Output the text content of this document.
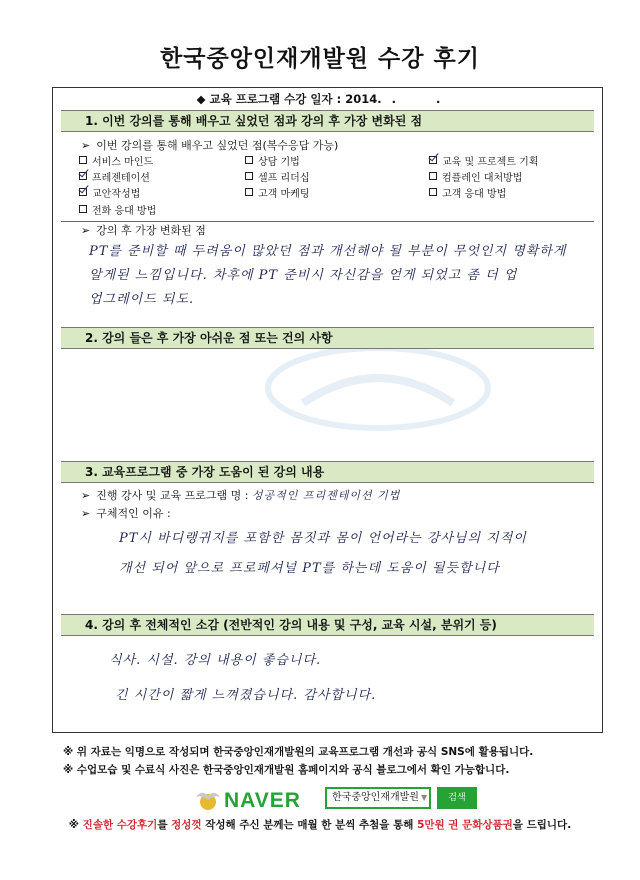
한국중앙인재개발원 수강 후기
◆ 교육 프로그램 수강 일자 : 2014. . .
1. 이번 강의를 통해 배우고 싶었던 점과 강의 후 가장 변화된 점
➢ 이번 강의를 통해 배우고 싶었던 점(복수응답 가능)
서비스 마인드	상담 기법	교육 및 프로젝트 기획
프레젠테이션	셀프 리더십	컴플레인 대처방법
교안작성법	고객 마케팅	고객 응대 방법
전화 응대 방법
➢ 강의 후 가장 변화된 점
PT를 준비할 때 두려움이 많았던 점과 개선해야 될 부분이 무엇인지 명확하게
알게된 느낌입니다. 차후에 PT 준비시 자신감을 얻게 되었고 좀 더 업
업그레이드 되도.
2. 강의 들은 후 가장 아쉬운 점 또는 건의 사항
3. 교육프로그램 중 가장 도움이 된 강의 내용
➢ 진행 강사 및 교육 프로그램 명 : 성공적인 프리젠테이션 기법
➢ 구체적인 이유 :
PT시 바디랭귀지를 포함한 몸짓과 몸이 언어라는 강사님의 지적이
개선 되어 앞으로 프로페셔널 PT를 하는데 도움이 될듯합니다
4. 강의 후 전체적인 소감 (전반적인 강의 내용 및 구성, 교육 시설, 분위기 등)
식사. 시설. 강의 내용이 좋습니다.
긴 시간이 짧게 느껴졌습니다. 감사합니다.
※ 위 자료는 익명으로 작성되며 한국중앙인재개발원의 교육프로그램 개선과 공식 SNS에 활용됩니다.
※ 수업모습 및 수료식 사진은 한국중앙인재개발원 홈페이지와 공식 블로그에서 확인 가능합니다.
NAVER	한국중앙인재개발원 ▼	검색
※ 진솔한 수강후기를 정성껏 작성해 주신 분께는 매월 한 분씩 추첨을 통해 5만원 권 문화상품권을 드립니다.
